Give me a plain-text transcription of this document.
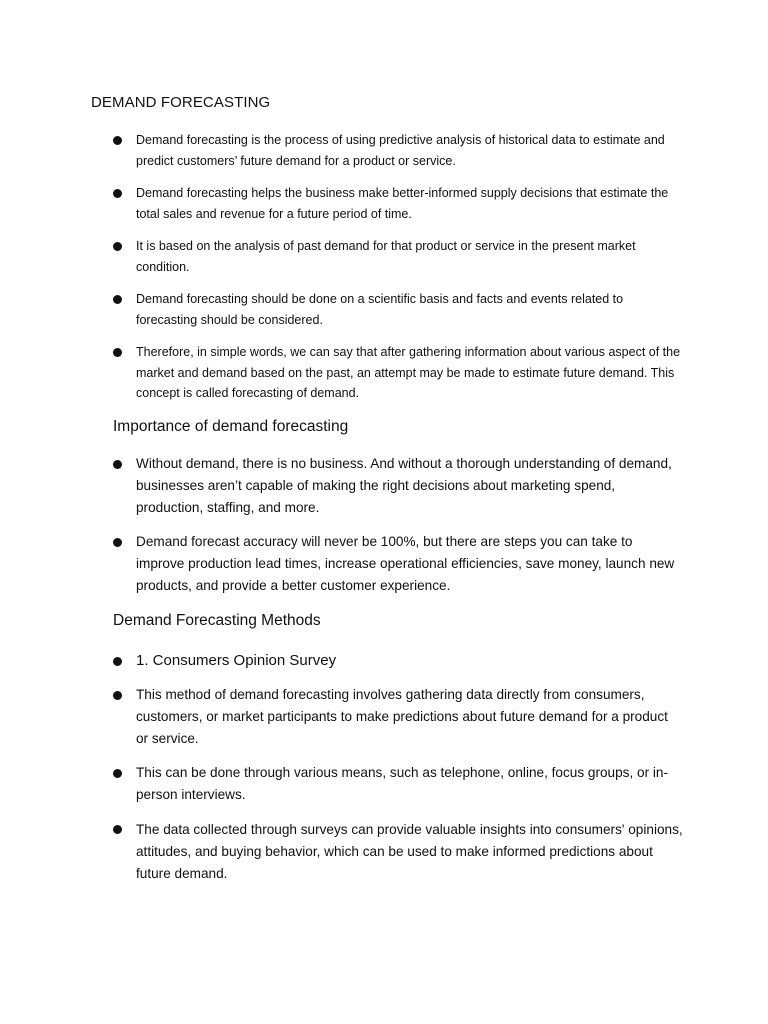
DEMAND FORECASTING
Demand forecasting is the process of using predictive analysis of historical data to estimate and predict customers’ future demand for a product or service.
Demand forecasting helps the business make better-informed supply decisions that estimate the total sales and revenue for a future period of time.
It is based on the analysis of past demand for that product or service in the present market condition.
Demand forecasting should be done on a scientific basis and facts and events related to forecasting should be considered.
Therefore, in simple words, we can say that after gathering information about various aspect of the market and demand based on the past, an attempt may be made to estimate future demand. This concept is called forecasting of demand.
Importance of demand forecasting
Without demand, there is no business. And without a thorough understanding of demand, businesses aren’t capable of making the right decisions about marketing spend, production, staffing, and more.
Demand forecast accuracy will never be 100%, but there are steps you can take to improve production lead times, increase operational efficiencies, save money, launch new products, and provide a better customer experience.
Demand Forecasting Methods
1. Consumers Opinion Survey
This method of demand forecasting involves gathering data directly from consumers, customers, or market participants to make predictions about future demand for a product or service.
This can be done through various means, such as telephone, online, focus groups, or in-person interviews.
The data collected through surveys can provide valuable insights into consumers' opinions, attitudes, and buying behavior, which can be used to make informed predictions about future demand.
